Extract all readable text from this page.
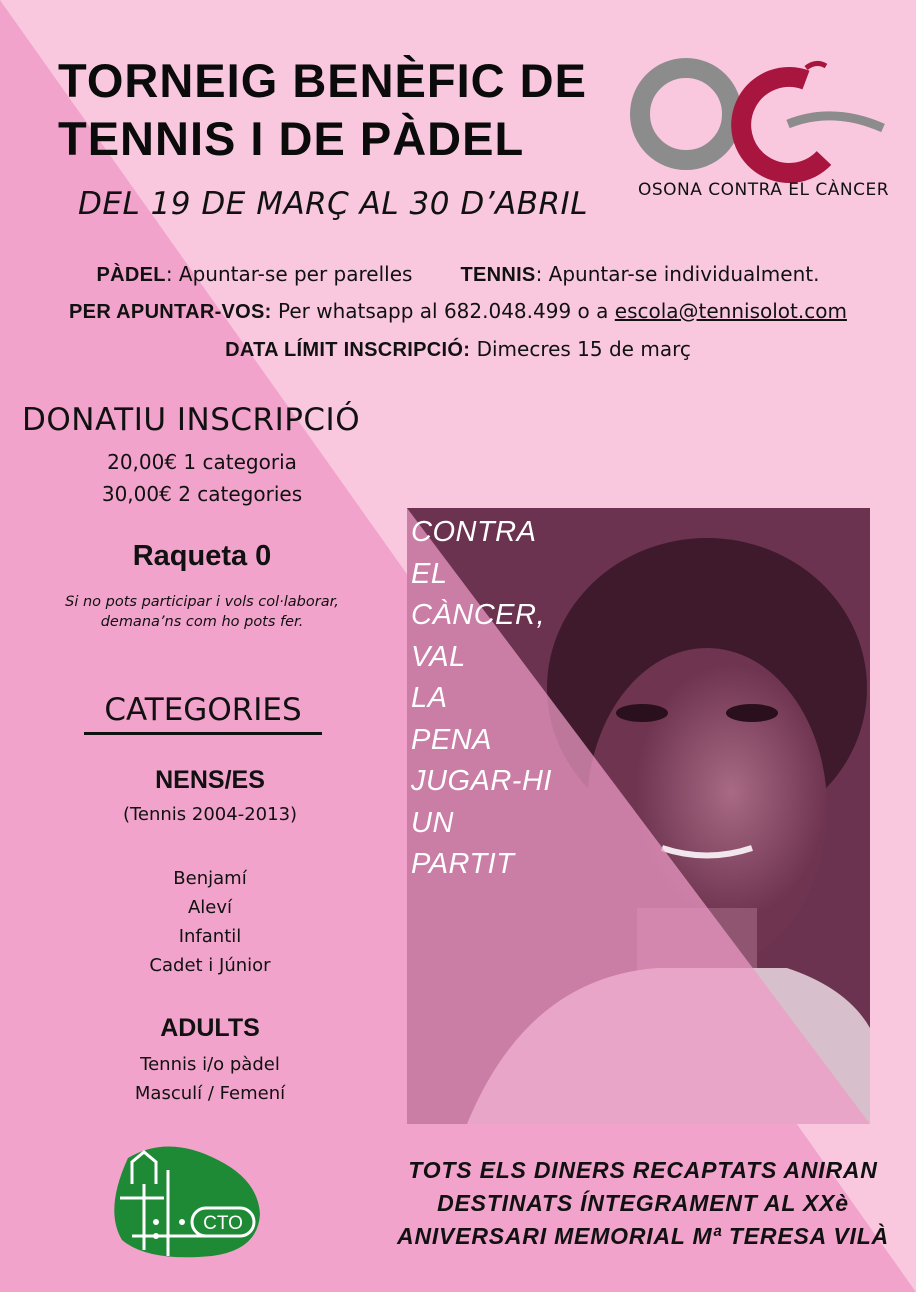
TORNEIG BENÈFIC DE
TENNIS I DE PÀDEL
DEL 19 DE MARÇ AL 30 D’ABRIL	OSONA CONTRA EL CÀNCER
PÀDEL: Apuntar-se per parelles TENNIS: Apuntar-se individualment.
PER APUNTAR-VOS: Per whatsapp al 682.048.499 o a escola@tennisolot.com
DATA LÍMIT INSCRIPCIÓ: Dimecres 15 de març
DONATIU INSCRIPCIÓ
20,00€ 1 categoria
30,00€ 2 categories
Raqueta 0
Si no pots participar i vols col·laborar,
demana’ns com ho pots fer.
CATEGORIES
NENS/ES
(Tennis 2004-2013)
Benjamí
Aleví
Infantil
Cadet i Júnior
ADULTS
Tennis i/o pàdel
Masculí / Femení
CONTRA
EL
CÀNCER,
VAL
LA
PENA
JUGAR-HI
UN
PARTIT
CTO
TOTS ELS DINERS RECAPTATS ANIRAN
DESTINATS ÍNTEGRAMENT AL XXè
ANIVERSARI MEMORIAL Mª TERESA VILÀ
